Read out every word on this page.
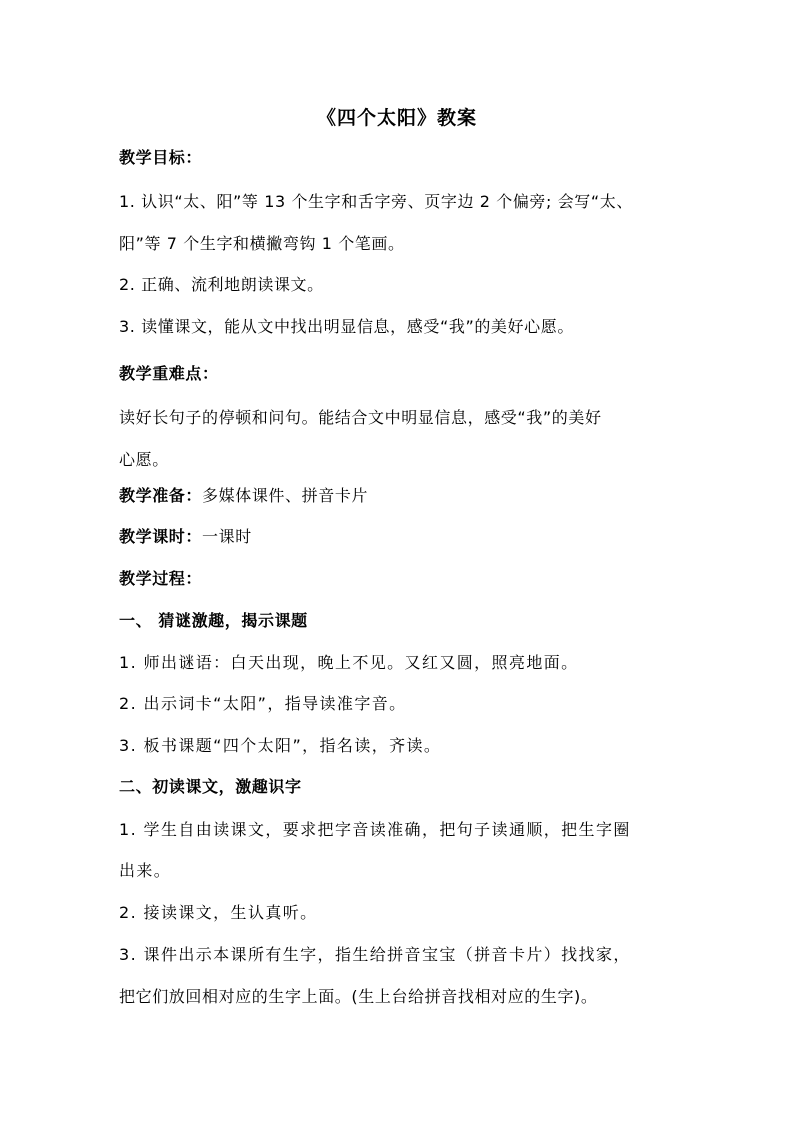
《四个太阳》教案
教学目标：
1. 认识“太、阳”等 13 个生字和舌字旁、页字边 2 个偏旁; 会写“太、
阳”等 7 个生字和横撇弯钩 1 个笔画。
2. 正确、流利地朗读课文。
3. 读懂课文，能从文中找出明显信息，感受“我”的美好心愿。
教学重难点：
读好长句子的停顿和问句。能结合文中明显信息，感受“我”的美好
心愿。
教学准备：多媒体课件、拼音卡片
教学课时：一课时
教学过程：
一、 猜谜激趣，揭示课题
1. 师出谜语：白天出现，晚上不见。又红又圆，照亮地面。
2. 出示词卡“太阳”，指导读准字音。
3. 板书课题“四个太阳”，指名读，齐读。
二、初读课文，激趣识字
1. 学生自由读课文，要求把字音读准确，把句子读通顺，把生字圈
出来。
2. 接读课文，生认真听。
3. 课件出示本课所有生字，指生给拼音宝宝（拼音卡片）找找家，
把它们放回相对应的生字上面。(生上台给拼音找相对应的生字)。
